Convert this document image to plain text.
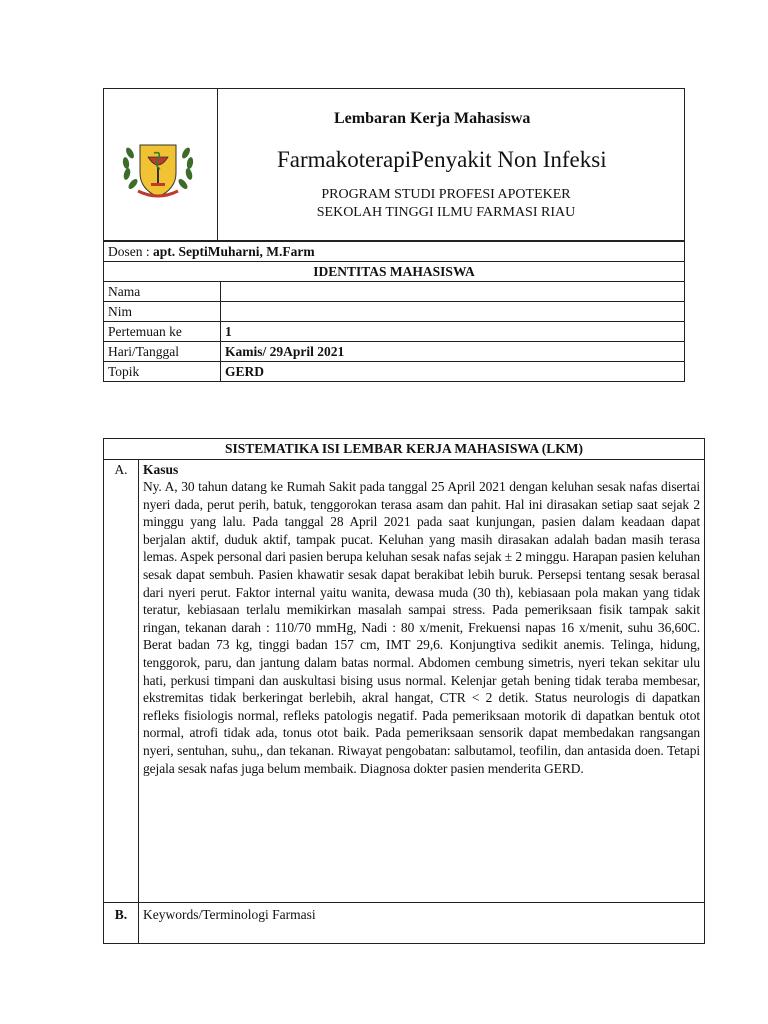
Lembaran Kerja Mahasiswa
FarmakoterapiPenyakit Non Infeksi
PROGRAM STUDI PROFESI APOTEKER
SEKOLAH TINGGI ILMU FARMASI RIAU
Dosen : apt. SeptiMuharni, M.Farm	
IDENTITAS MAHASISWA	
Nama	
Nim	
Pertemuan ke	1
Hari/Tanggal	Kamis/ 29April 2021
Topik	GERD
SISTEMATIKA ISI LEMBAR KERJA MAHASISWA (LKM)	
A.	Kasus
Ny. A, 30 tahun datang ke Rumah Sakit pada tanggal 25 April 2021 dengan keluhan sesak nafas disertai nyeri dada, perut perih, batuk, tenggorokan terasa asam dan pahit. Hal ini dirasakan setiap saat sejak 2 minggu yang lalu. Pada tanggal 28 April 2021 pada saat kunjungan, pasien dalam keadaan dapat berjalan aktif, duduk aktif, tampak pucat. Keluhan yang masih dirasakan adalah badan masih terasa lemas. Aspek personal dari pasien berupa keluhan sesak nafas sejak ± 2 minggu. Harapan pasien keluhan sesak dapat sembuh. Pasien khawatir sesak dapat berakibat lebih buruk. Persepsi tentang sesak berasal dari nyeri perut. Faktor internal yaitu wanita, dewasa muda (30 th), kebiasaan pola makan yang tidak teratur, kebiasaan terlalu memikirkan masalah sampai stress. Pada pemeriksaan fisik tampak sakit ringan, tekanan darah : 110/70 mmHg, Nadi : 80 x/menit, Frekuensi napas 16 x/menit, suhu 36,60C. Berat badan 73 kg, tinggi badan 157 cm, IMT 29,6. Konjungtiva sedikit anemis. Telinga, hidung, tenggorok, paru, dan jantung dalam batas normal. Abdomen cembung simetris, nyeri tekan sekitar ulu hati, perkusi timpani dan auskultasi bising usus normal. Kelenjar getah bening tidak teraba membesar, ekstremitas tidak berkeringat berlebih, akral hangat, CTR < 2 detik. Status neurologis di dapatkan refleks fisiologis normal, refleks patologis negatif. Pada pemeriksaan motorik di dapatkan bentuk otot normal, atrofi tidak ada, tonus otot baik. Pada pemeriksaan sensorik dapat membedakan rangsangan nyeri, sentuhan, suhu,, dan tekanan. Riwayat pengobatan: salbutamol, teofilin, dan antasida doen. Tetapi gejala sesak nafas juga belum membaik. Diagnosa dokter pasien menderita GERD.

B.	Keywords/Terminologi Farmasi
